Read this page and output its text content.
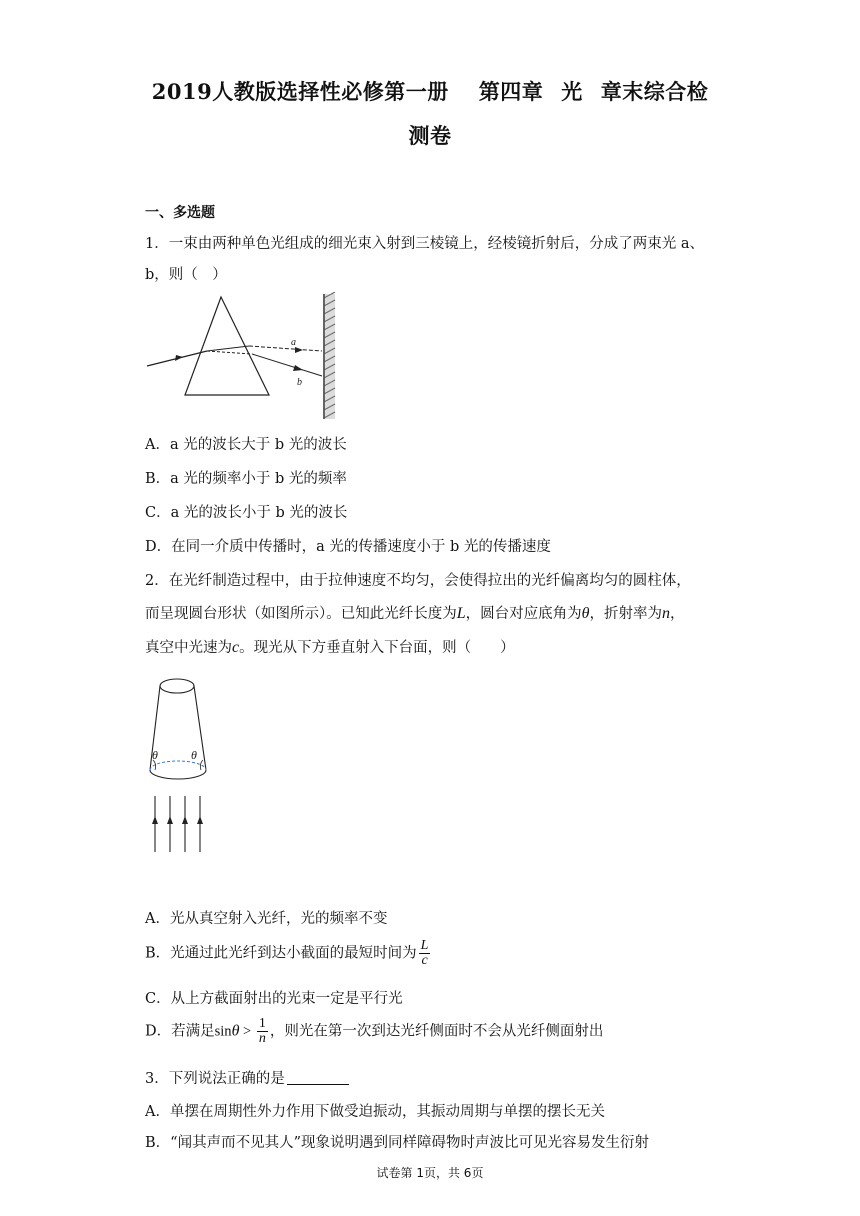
2019人教版选择性必修第一册 第四章 光 章末综合检
测卷
一、多选题
1．一束由两种单色光组成的细光束入射到三棱镜上，经棱镜折射后，分成了两束光 a、
b，则（　）
a
b
A．a 光的波长大于 b 光的波长
B．a 光的频率小于 b 光的频率
C．a 光的波长小于 b 光的波长
D．在同一介质中传播时，a 光的传播速度小于 b 光的传播速度
2．在光纤制造过程中，由于拉伸速度不均匀，会使得拉出的光纤偏离均匀的圆柱体，
而呈现圆台形状（如图所示）。已知此光纤长度为L，圆台对应底角为θ，折射率为n，
真空中光速为c。现光从下方垂直射入下台面，则（　　）
θ	θ
A．光从真空射入光纤，光的频率不变
B．光通过此光纤到达小截面的最短时间为 $\frac{L}{c}$
C．从上方截面射出的光束一定是平行光
D．若满足$\sin\theta > \frac{1}{n}$ ，则光在第一次到达光纤侧面时不会从光纤侧面射出
3．下列说法正确的是
A．单摆在周期性外力作用下做受迫振动，其振动周期与单摆的摆长无关
B．“闻其声而不见其人”现象说明遇到同样障碍物时声波比可见光容易发生衍射
试卷第 1页，共 6页
